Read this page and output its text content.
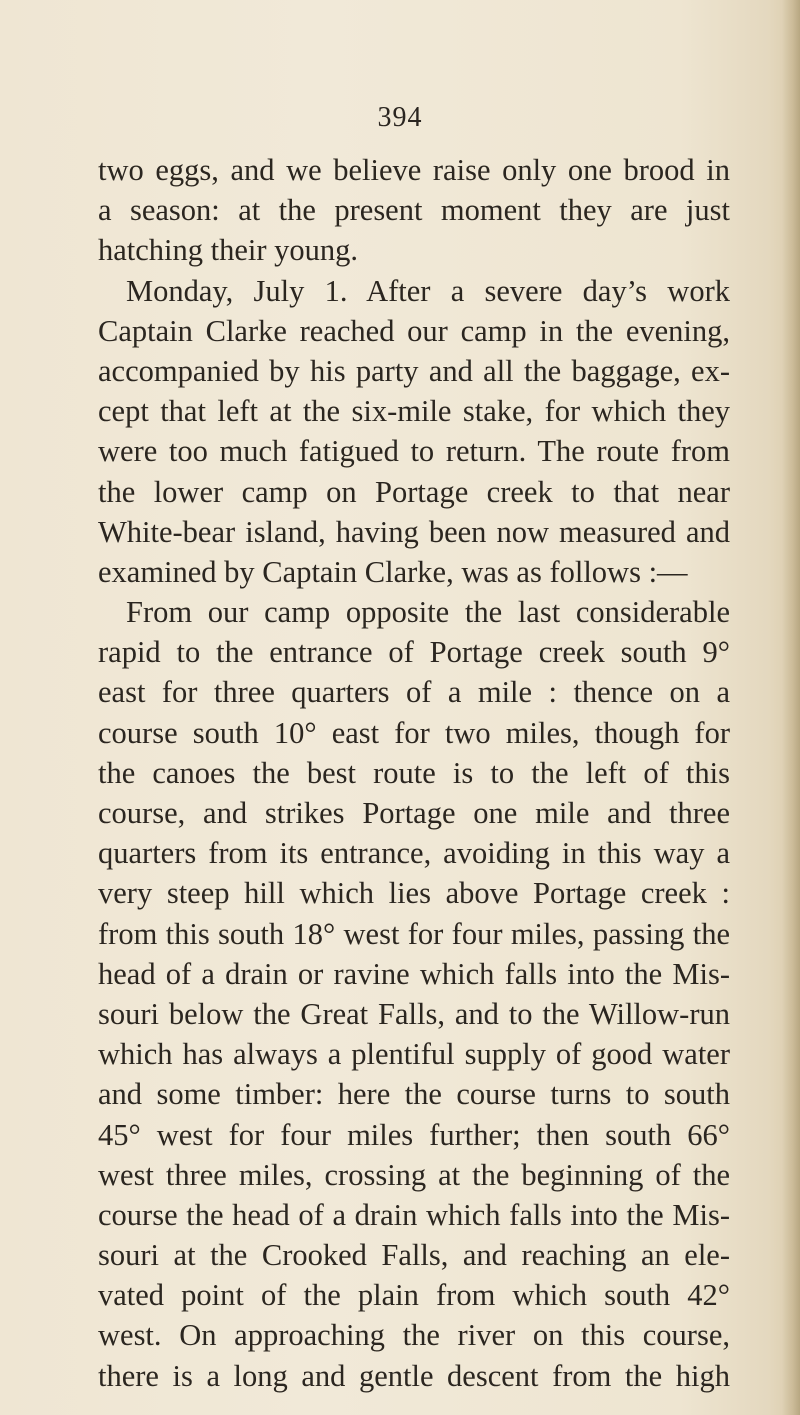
394
two eggs, and we believe raise only one brood in
a season: at the present moment they are just
hatching their young.
Monday, July 1. After a severe day’s work
Captain Clarke reached our camp in the evening,
accompanied by his party and all the baggage, ex-
cept that left at the six-mile stake, for which they
were too much fatigued to return. The route from
the lower camp on Portage creek to that near
White-bear island, having been now measured and
examined by Captain Clarke, was as follows :—
From our camp opposite the last considerable
rapid to the entrance of Portage creek south 9°
east for three quarters of a mile : thence on a
course south 10° east for two miles, though for
the canoes the best route is to the left of this
course, and strikes Portage one mile and three
quarters from its entrance, avoiding in this way a
very steep hill which lies above Portage creek :
from this south 18° west for four miles, passing the
head of a drain or ravine which falls into the Mis-
souri below the Great Falls, and to the Willow-run
which has always a plentiful supply of good water
and some timber: here the course turns to south
45° west for four miles further; then south 66°
west three miles, crossing at the beginning of the
course the head of a drain which falls into the Mis-
souri at the Crooked Falls, and reaching an ele-
vated point of the plain from which south 42°
west. On approaching the river on this course,
there is a long and gentle descent from the high
